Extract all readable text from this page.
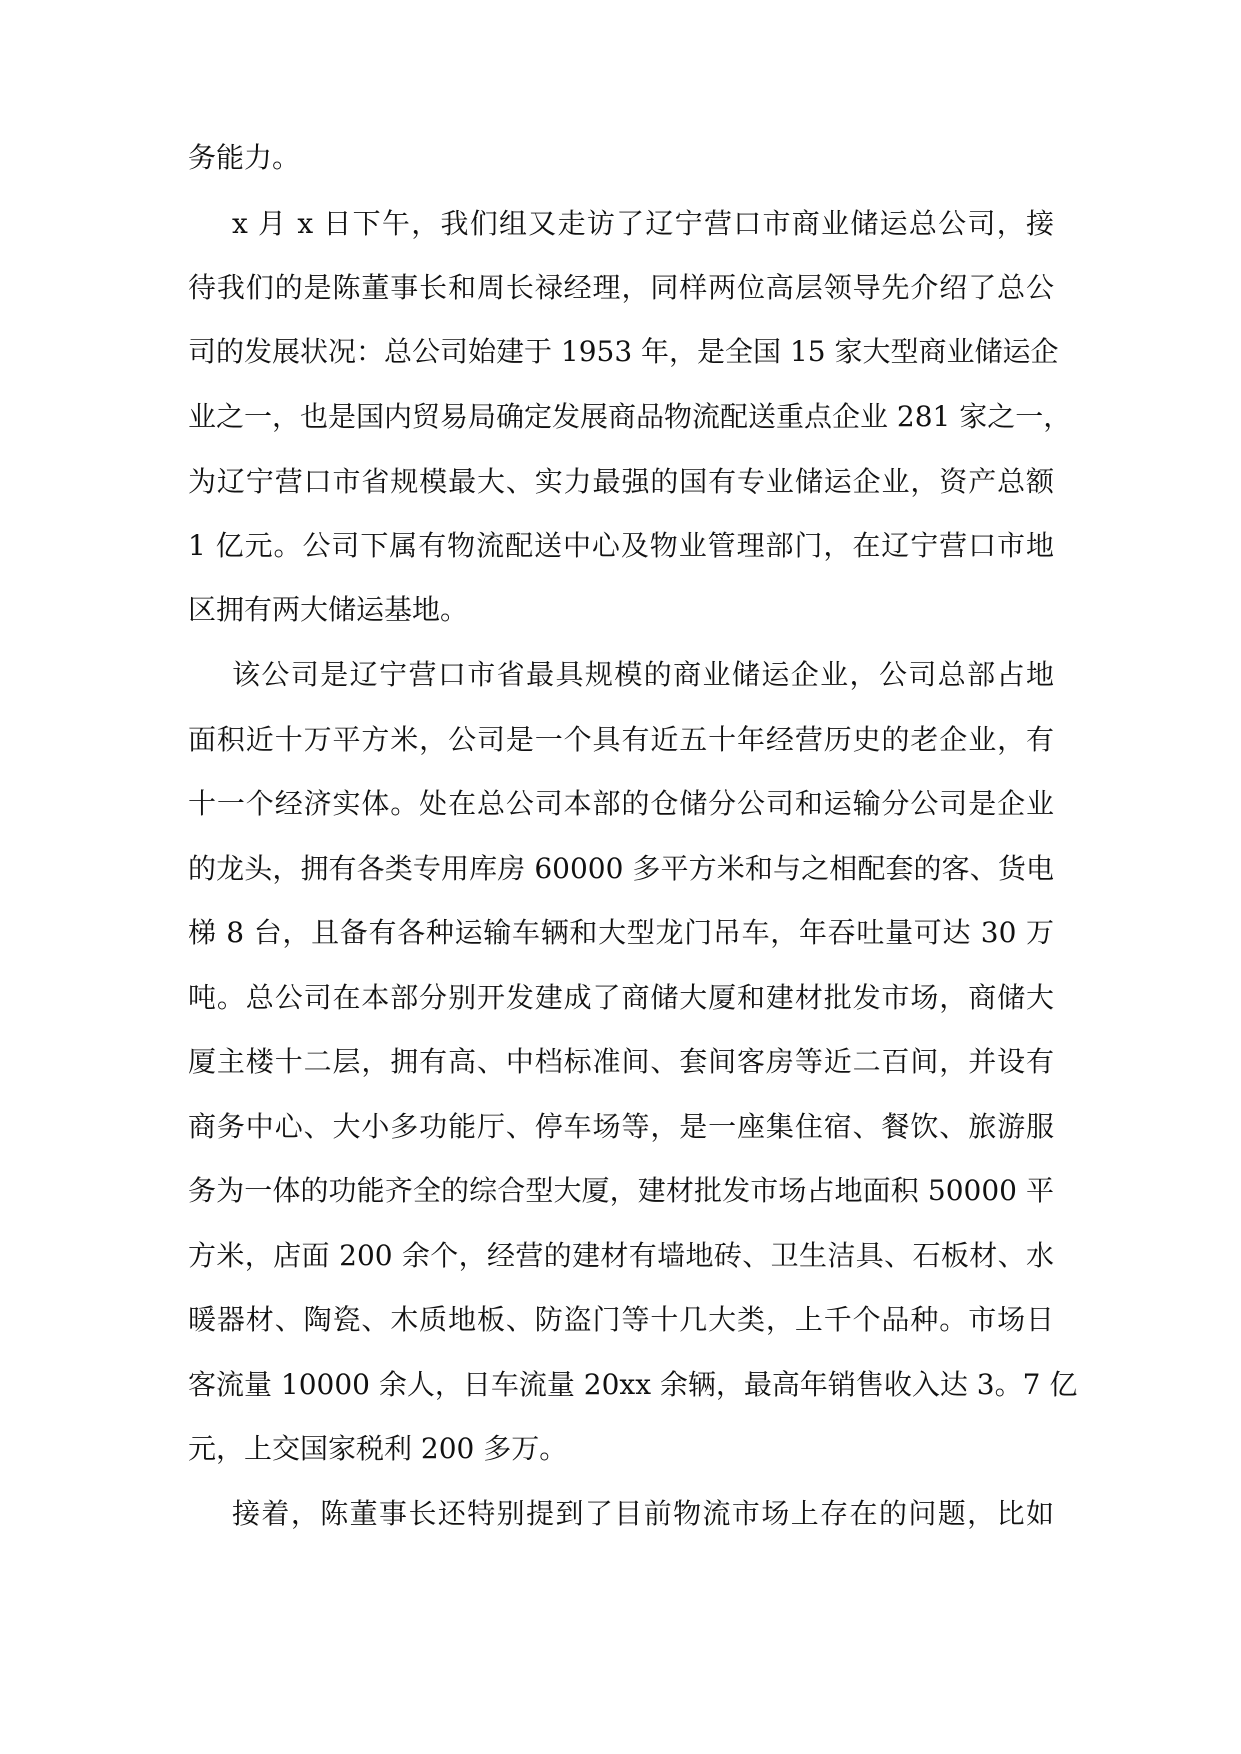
务能力。
x 月 x 日下午，我们组又走访了辽宁营口市商业储运总公司，接
待我们的是陈董事长和周长禄经理，同样两位高层领导先介绍了总公
司的发展状况：总公司始建于 1953 年，是全国 15 家大型商业储运企
业之一，也是国内贸易局确定发展商品物流配送重点企业 281 家之一，
为辽宁营口市省规模最大、实力最强的国有专业储运企业，资产总额
1 亿元。公司下属有物流配送中心及物业管理部门，在辽宁营口市地
区拥有两大储运基地。
该公司是辽宁营口市省最具规模的商业储运企业，公司总部占地
面积近十万平方米，公司是一个具有近五十年经营历史的老企业，有
十一个经济实体。处在总公司本部的仓储分公司和运输分公司是企业
的龙头，拥有各类专用库房 60000 多平方米和与之相配套的客、货电
梯 8 台，且备有各种运输车辆和大型龙门吊车，年吞吐量可达 30 万
吨。总公司在本部分别开发建成了商储大厦和建材批发市场，商储大
厦主楼十二层，拥有高、中档标准间、套间客房等近二百间，并设有
商务中心、大小多功能厅、停车场等，是一座集住宿、餐饮、旅游服
务为一体的功能齐全的综合型大厦，建材批发市场占地面积 50000 平
方米，店面 200 余个，经营的建材有墙地砖、卫生洁具、石板材、水
暖器材、陶瓷、木质地板、防盗门等十几大类，上千个品种。市场日
客流量 10000 余人，日车流量 20xx 余辆，最高年销售收入达 3。7 亿
元，上交国家税利 200 多万。
接着，陈董事长还特别提到了目前物流市场上存在的问题，比如
